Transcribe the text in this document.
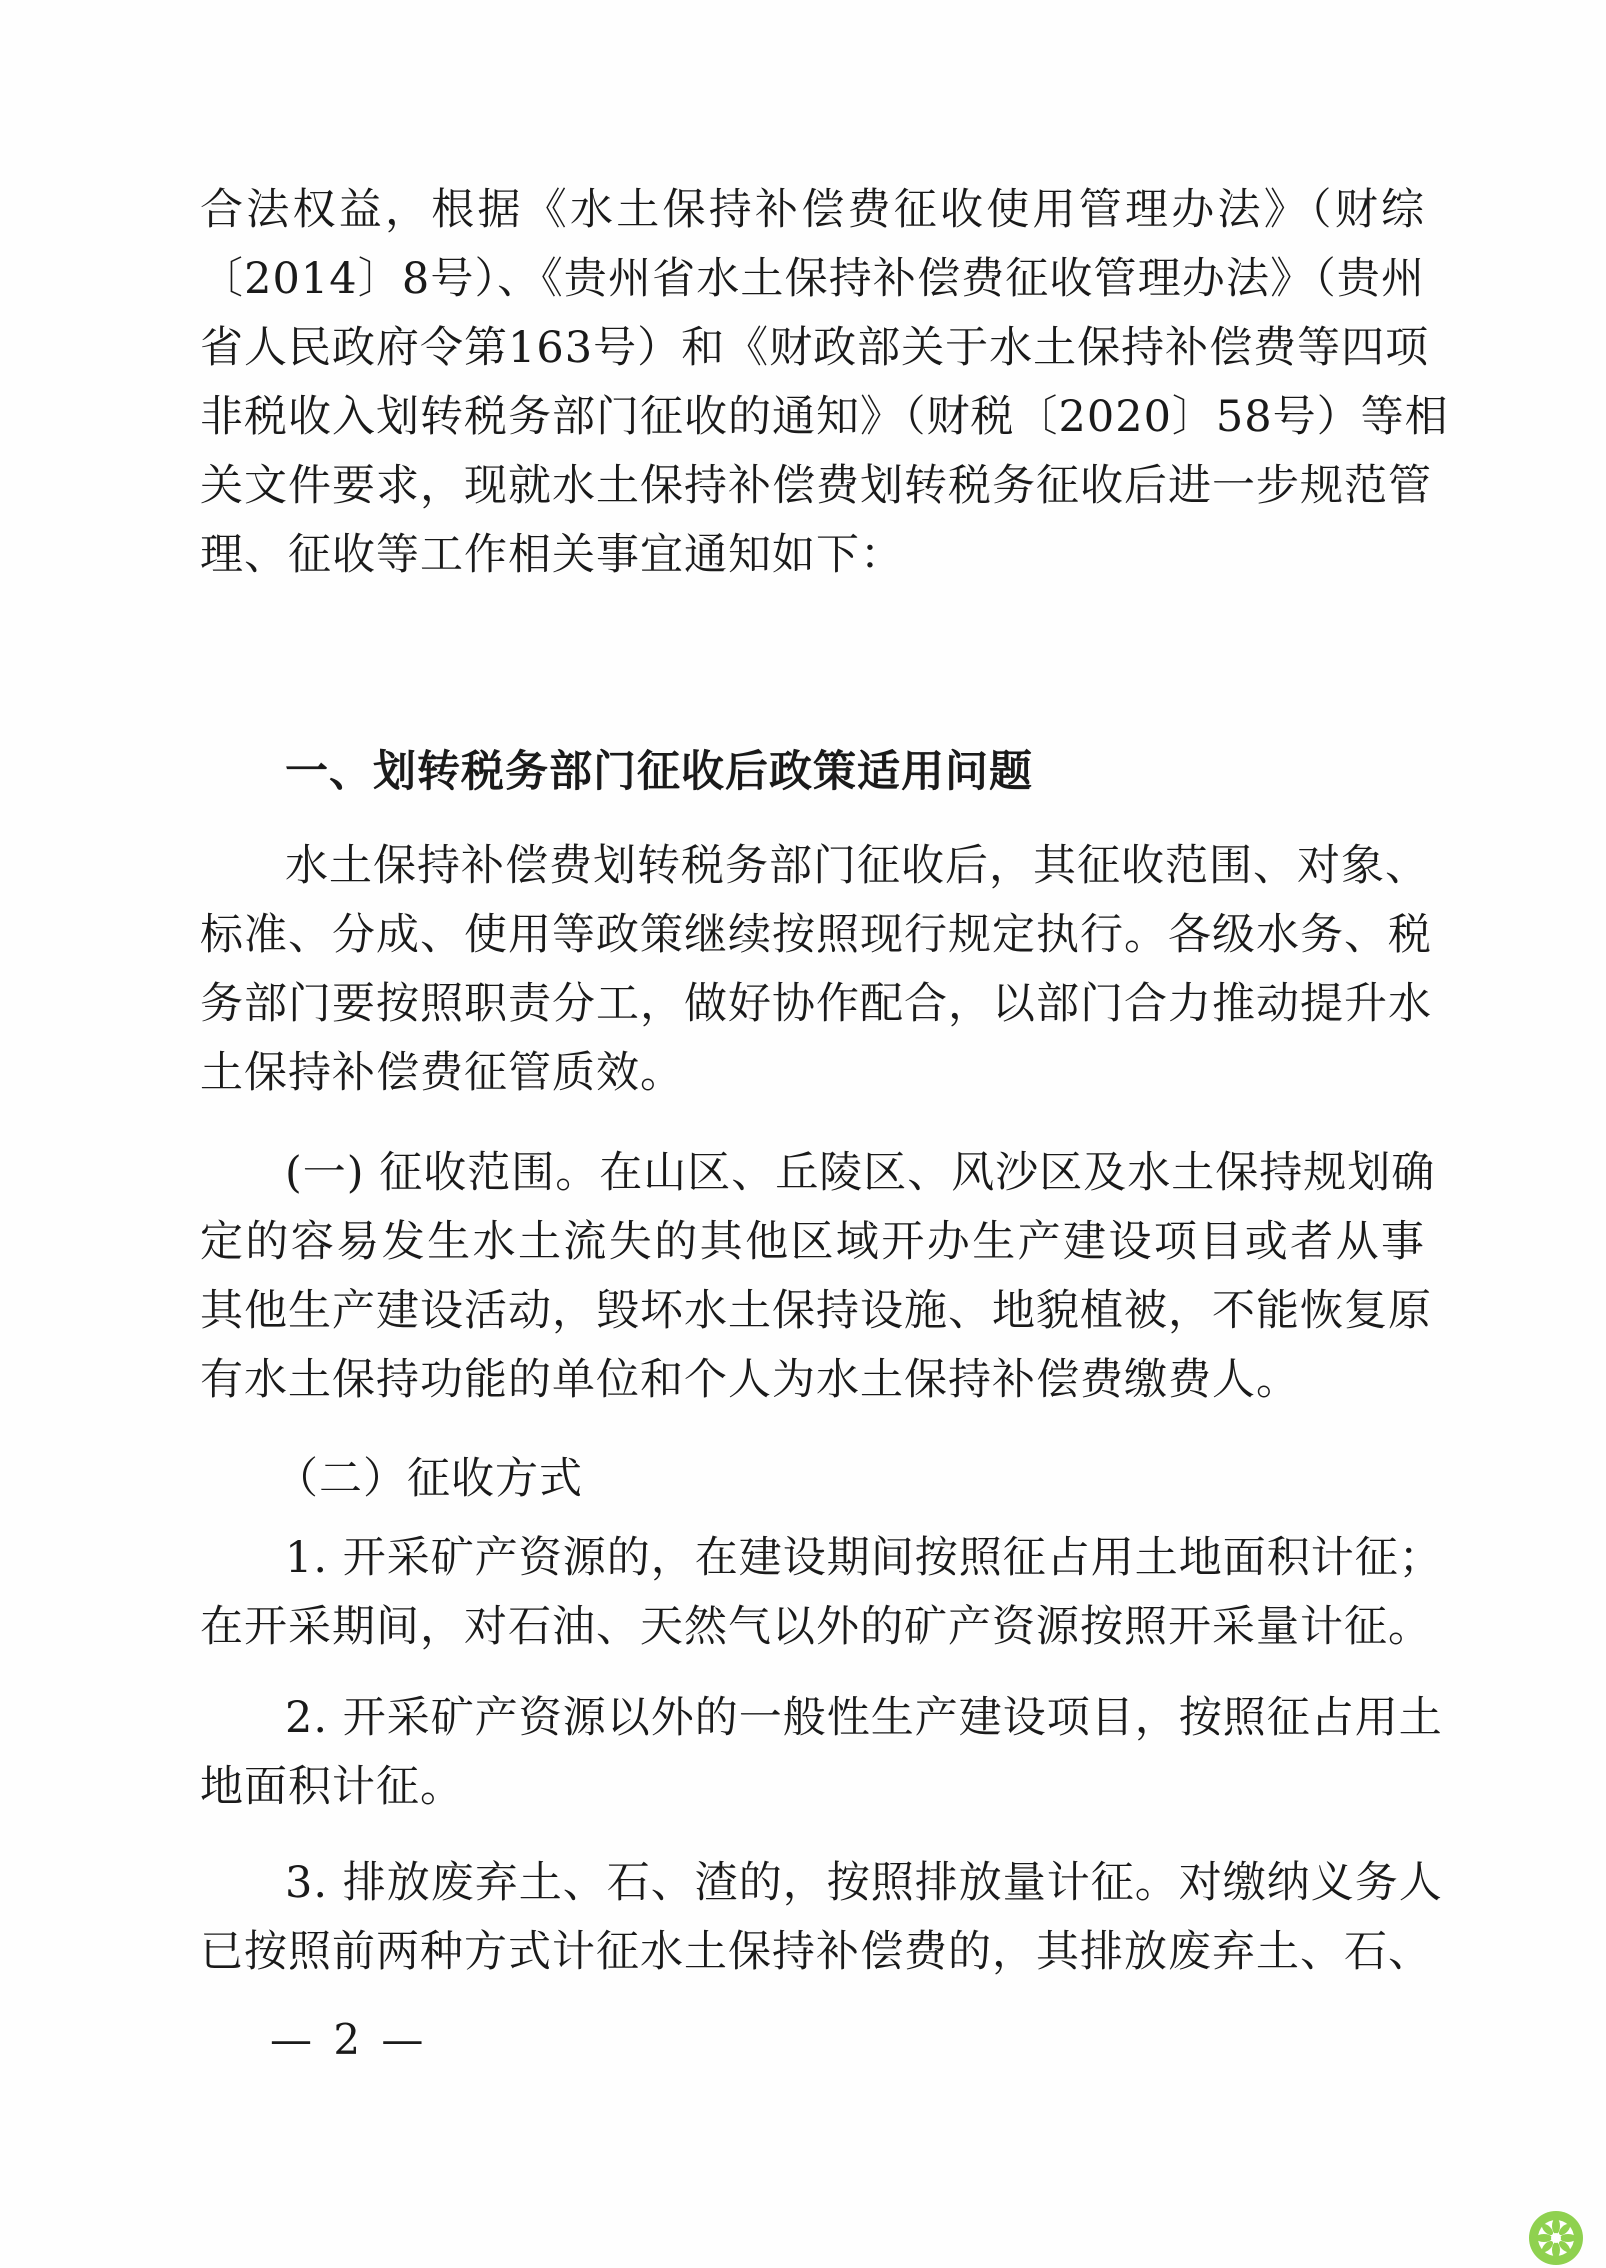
合法权益，根据《水土保持补偿费征收使用管理办法》（财综
〔2014〕8号）、《贵州省水土保持补偿费征收管理办法》（贵州
省人民政府令第163号）和《财政部关于水土保持补偿费等四项
非税收入划转税务部门征收的通知》（财税〔2020〕58号）等相
关文件要求，现就水土保持补偿费划转税务征收后进一步规范管
理、征收等工作相关事宜通知如下：
一、划转税务部门征收后政策适用问题
水土保持补偿费划转税务部门征收后，其征收范围、对象、
标准、分成、使用等政策继续按照现行规定执行。各级水务、税
务部门要按照职责分工，做好协作配合，以部门合力推动提升水
土保持补偿费征管质效。
(一) 征收范围。在山区、丘陵区、风沙区及水土保持规划确
定的容易发生水土流失的其他区域开办生产建设项目或者从事
其他生产建设活动，毁坏水土保持设施、地貌植被，不能恢复原
有水土保持功能的单位和个人为水土保持补偿费缴费人。
（二）征收方式
1. 开采矿产资源的，在建设期间按照征占用土地面积计征；
在开采期间，对石油、天然气以外的矿产资源按照开采量计征。
2. 开采矿产资源以外的一般性生产建设项目，按照征占用土
地面积计征。
3. 排放废弃土、石、渣的，按照排放量计征。对缴纳义务人
已按照前两种方式计征水土保持补偿费的，其排放废弃土、石、
— 2 —
